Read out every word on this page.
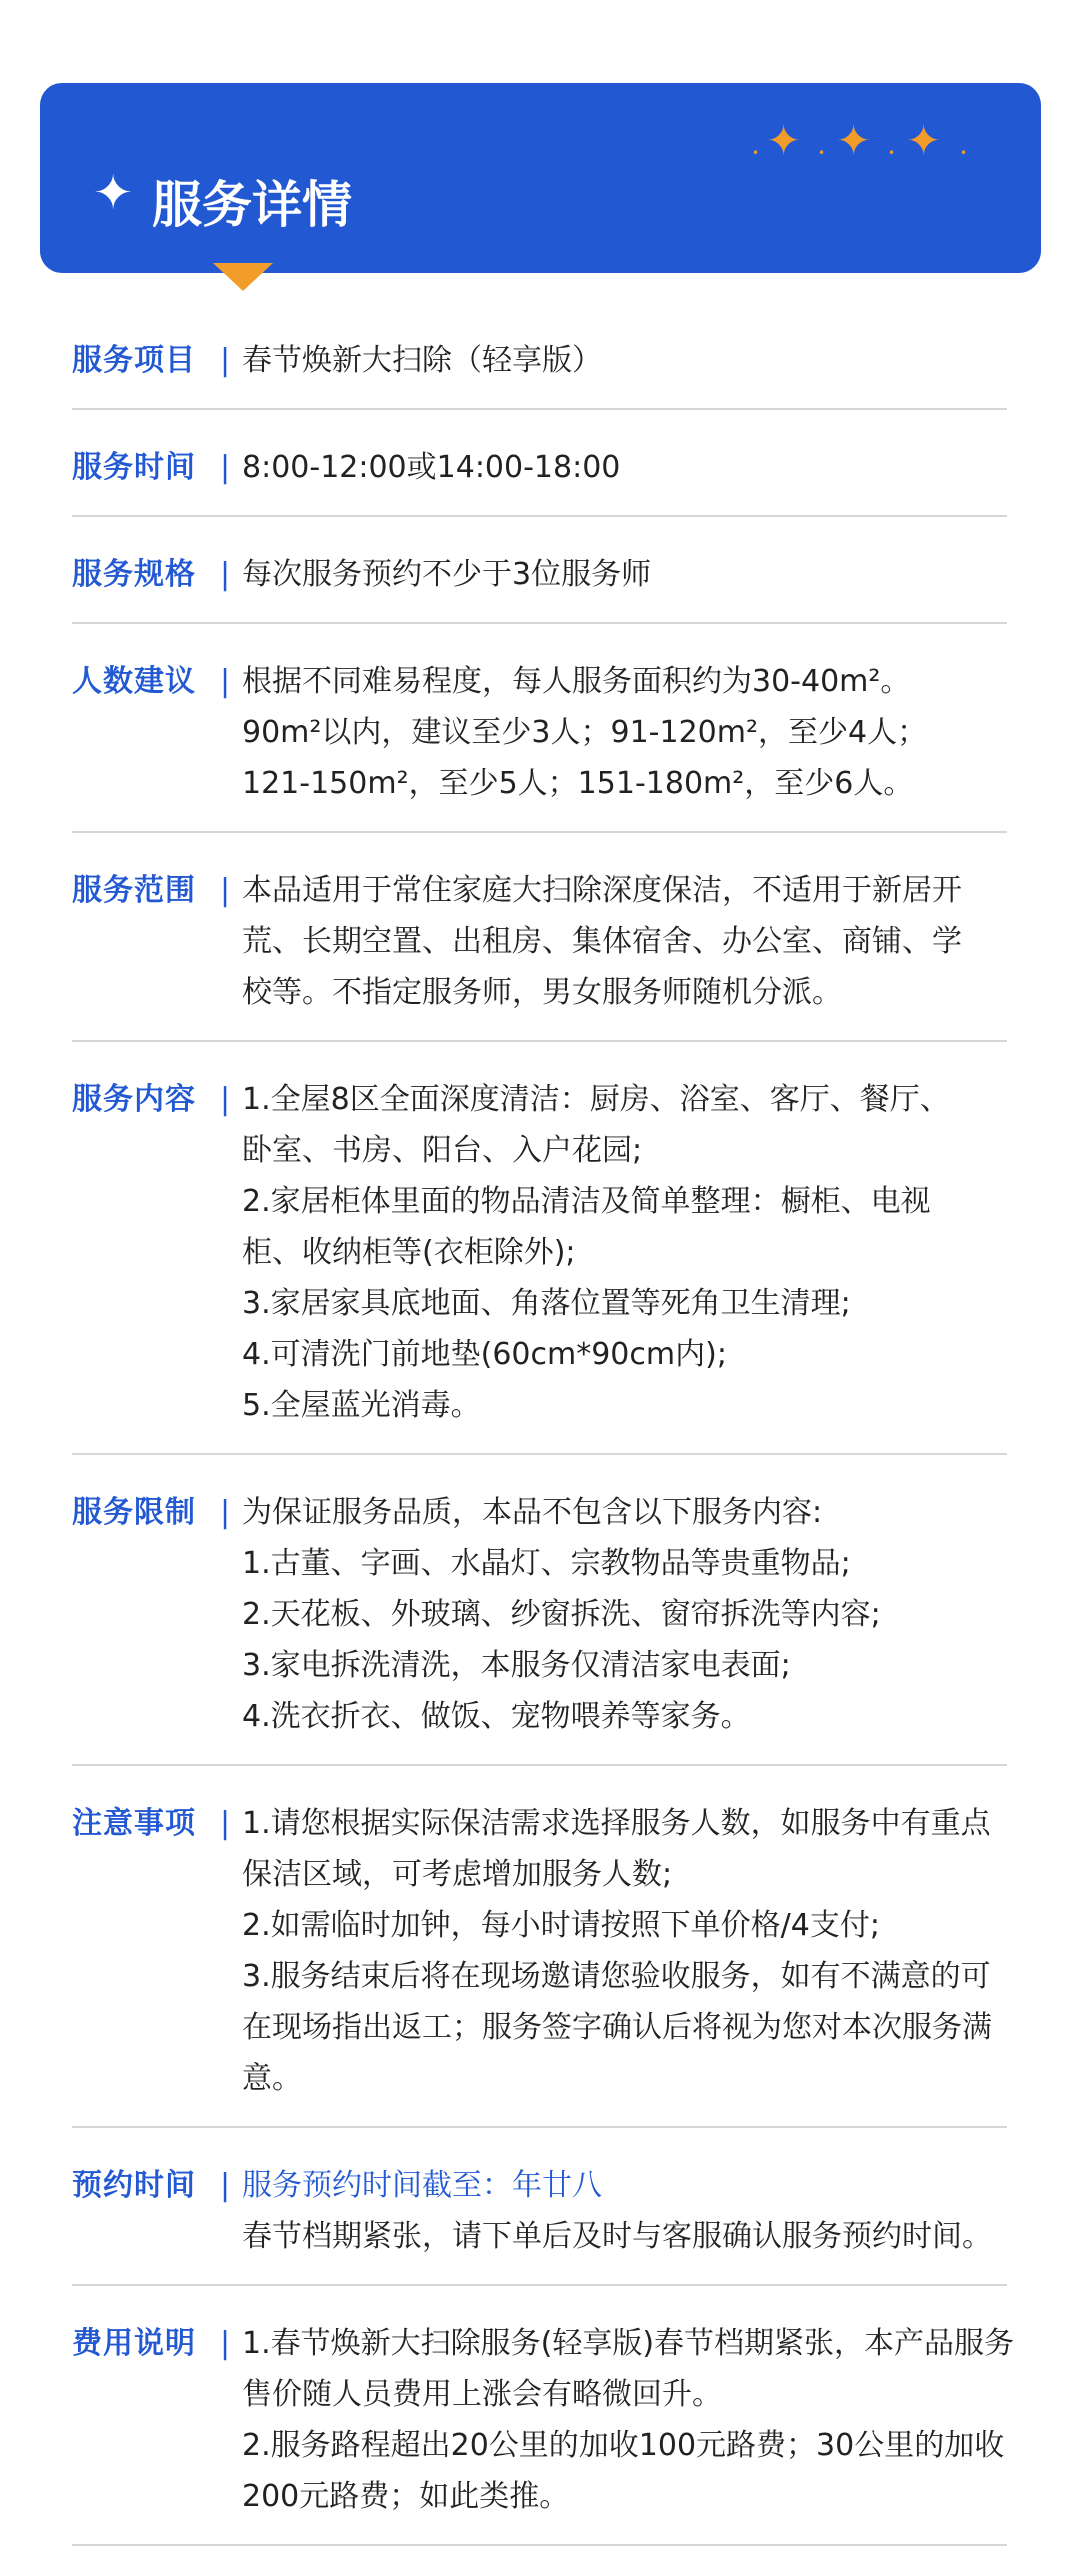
✦ 服务详情
• ✦ • ✦ • ✦ •
服务项目 | 春节焕新大扫除（轻享版）
服务时间 | 8:00-12:00或14:00-18:00
服务规格 | 每次服务预约不少于3位服务师
人数建议 | 根据不同难易程度，每人服务面积约为30-40m²。
90m²以内，建议至少3人；91-120m²，至少4人；
121-150m²，至少5人；151-180m²，至少6人。
服务范围 | 本品适用于常住家庭大扫除深度保洁，不适用于新居开
荒、长期空置、出租房、集体宿舍、办公室、商铺、学
校等。不指定服务师，男女服务师随机分派。
服务内容 | 1.全屋8区全面深度清洁：厨房、浴室、客厅、餐厅、
卧室、书房、阳台、入户花园;
2.家居柜体里面的物品清洁及简单整理：橱柜、电视
柜、收纳柜等(衣柜除外);
3.家居家具底地面、角落位置等死角卫生清理;
4.可清洗门前地垫(60cm*90cm内);
5.全屋蓝光消毒。
服务限制 | 为保证服务品质，本品不包含以下服务内容:
1.古董、字画、水晶灯、宗教物品等贵重物品;
2.天花板、外玻璃、纱窗拆洗、窗帘拆洗等内容;
3.家电拆洗清洗，本服务仅清洁家电表面;
4.洗衣折衣、做饭、宠物喂养等家务。
注意事项 | 1.请您根据实际保洁需求选择服务人数，如服务中有重点
保洁区域，可考虑增加服务人数;
2.如需临时加钟，每小时请按照下单价格/4支付;
3.服务结束后将在现场邀请您验收服务，如有不满意的可
在现场指出返工；服务签字确认后将视为您对本次服务满
意。
预约时间 | 服务预约时间截至：年廿八
春节档期紧张，请下单后及时与客服确认服务预约时间。
费用说明 | 1.春节焕新大扫除服务(轻享版)春节档期紧张，本产品服务
售价随人员费用上涨会有略微回升。
2.服务路程超出20公里的加收100元路费；30公里的加收
200元路费；如此类推。
